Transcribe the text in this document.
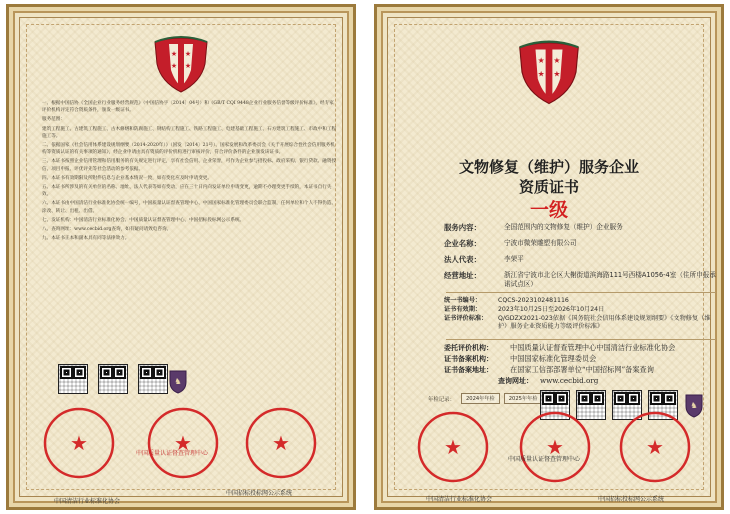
★ ★
★ ★

一、根据中国信协《全国企业行业服务经营规范》（中国信协字〔2014〕04号）和《GB/T CQI 9448企业行业服务信誉等级评价标准》，经专家评价机构评定符合资质条件，颁发一级证书。

服务范围：

建筑工程施工、古建筑工程施工、古木修缮和防腐施工、钢结构工程施工、铁路工程施工、电建基础工程施工、石方建筑工程施工、市政中和工程施工等。

二、依据国家《社会信用体系建设规划纲要（2014-2020年）》（国发〔2014〕21号）、国家发展和改革委员会《关于开展综合性社会信用服务机构等资质认证的有关事项的通知》，经企业申请由具有资质的评价机构进行审核评价，符合评价条件的企业颁发该证书。

三、本证书按照企业信用管理和信用服务的有关规定进行评定，享有社会信用、企业荣誉，可作为企业参与招投标、政府采购、银行贷款、融资授信、项目申报、评优评先等社会活动的参考依据。

四、本证书有效期限及所附件信息与企业基本情况一致，如有变化应及时申请变更。

五、本证书所涉及的有关单位的名称、地址、法人代表等如有变动，应在三十日内向发证单位申请变更，逾期不办理变更手续的，本证书自行失效。

六、本证书由中国清洁行业标准化协会统一编号，中国质量认证督查管理中心、中国国家标准化管理委员会联合监制，任何单位和个人不得伪造、涂改、转让、出租、出借。

七、发证机构：中国清洁行业标准化协会、中国质量认证督查管理中心、中国招标投标网公示系统。

八、查询网址：www.cecbid.org查询，如有疑问请致电咨询。

九、本证书正本和副本具有同等法律效力。

♞
★
中国清洁行业标准化协会
★
中国质量认证督查管理中心	★
中国招标投标网公示系统
★ ★
★ ★
文物修复（维护）服务企业
资质证书
一级
服务内容：	全国范围内的文物修复（维护）企业服务
企业名称：	宁波市微荣雕塑有限公司
法人代表：	李荣平
经营地址：	浙江省宁波市北仑区大榭街道滨海路111号西楼A1056-4室（住所申报承诺试点区）
统一书编号：	CQCS-2023102481116
证书有效期：	2023年10月25日至2026年10月24日
证书评价标准：	Q/GDZX2021-023依据《国务院社会信用体系建设规划纲要》《文物修复（维护）服务企业资质能力等级评价标准》
委托评价机构：	中国质量认证督查管理中心中国清洁行业标准化协会
证书备案机构：	中国国家标准化管理委员会
证书备案地址：	在国家工信部部署单位“中国招标网”备案查询
查询网址： www.cecbid.org
年检记录：	2024年年检	2025年年检
♞
★
中国清洁行业标准化协会
★
中国质量认证督查管理中心
★
中国招标投标网公示系统
